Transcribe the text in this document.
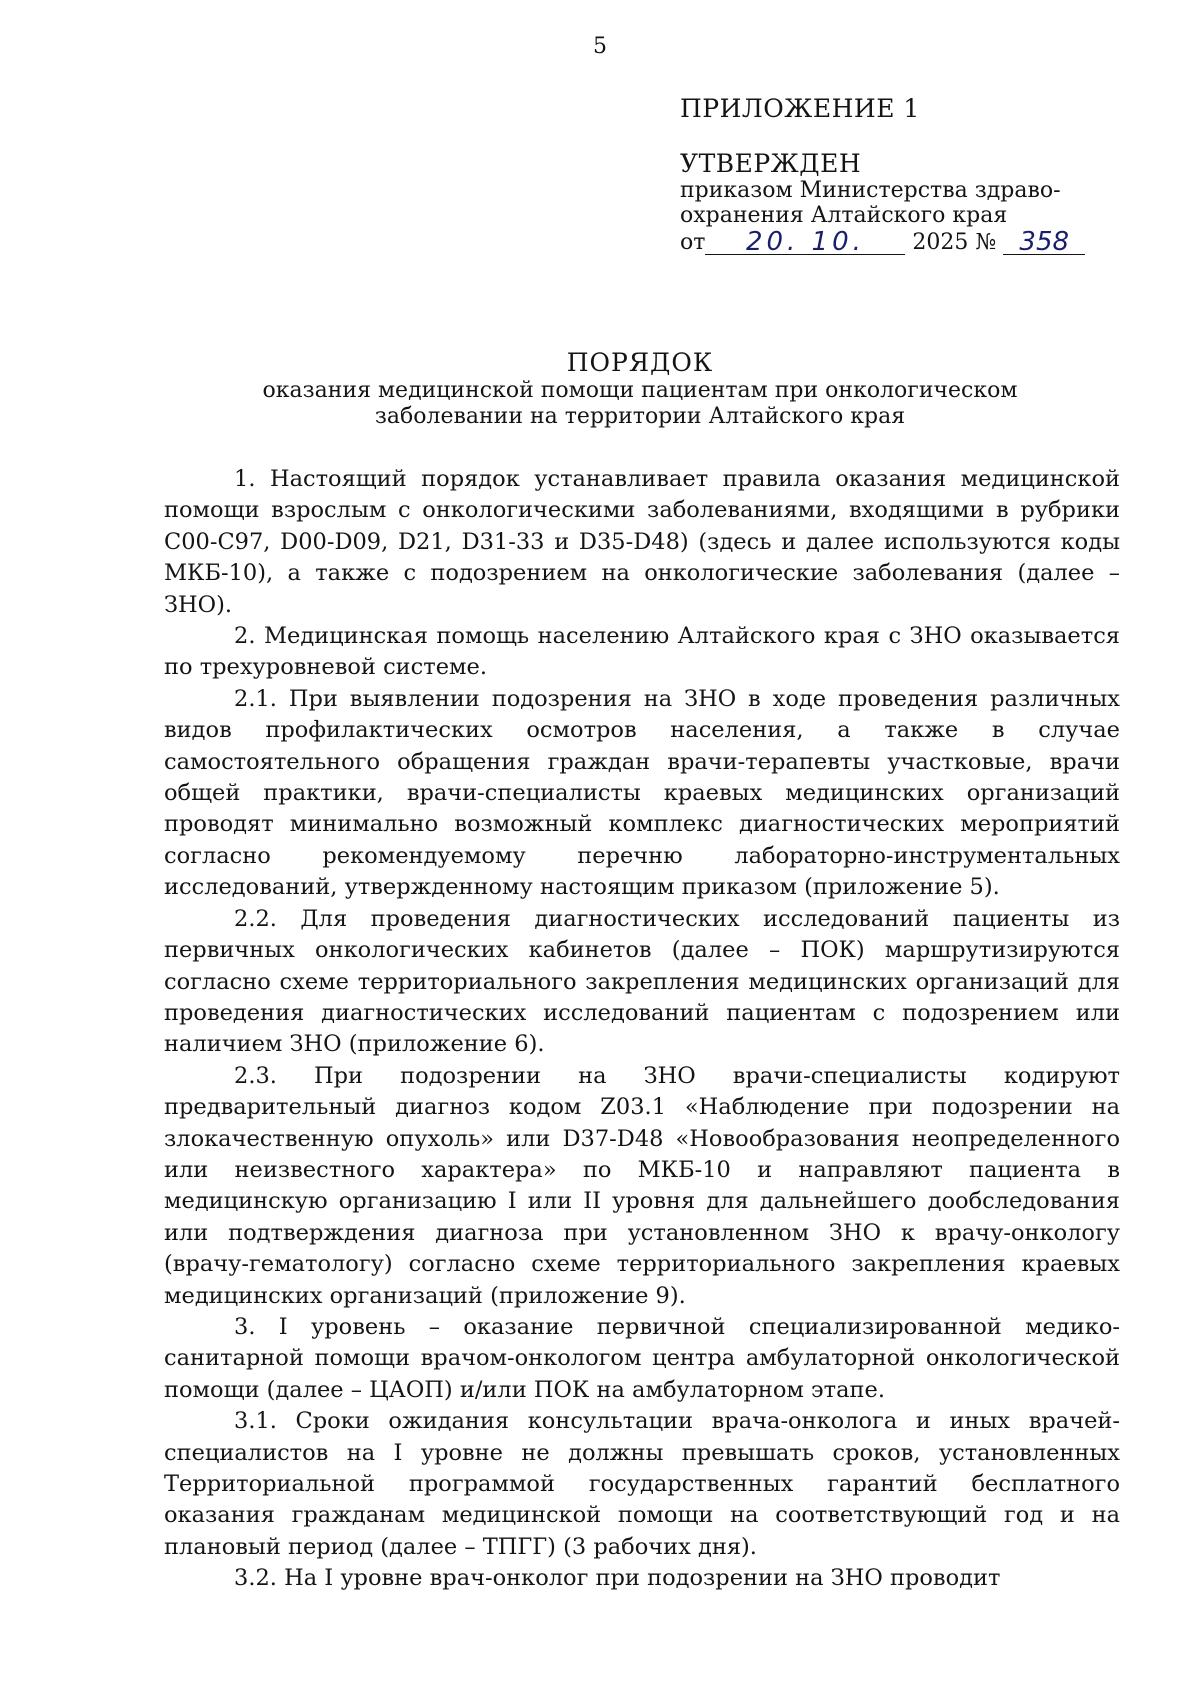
5
ПРИЛОЖЕНИЕ 1
УТВЕРЖДЕН
приказом Министерства здраво-
охранения Алтайского края
от 20. 10. 2025 № 358
ПОРЯДОК
оказания медицинской помощи пациентам при онкологическом
заболевании на территории Алтайского края

1. Настоящий порядок устанавливает правила оказания медицинской помощи взрослым с онкологическими заболеваниями, входящими в рубрики С00-С97, D00-D09, D21, D31-33 и D35-D48) (здесь и далее используются коды МКБ-10), а также с подозрением на онкологические заболевания (далее – ЗНО).

2. Медицинская помощь населению Алтайского края с ЗНО оказывается по трехуровневой системе.

2.1. При выявлении подозрения на ЗНО в ходе проведения различных видов профилактических осмотров населения, а также в случае самостоятельного обращения граждан врачи-терапевты участковые, врачи общей практики, врачи-специалисты краевых медицинских организаций проводят минимально возможный комплекс диагностических мероприятий согласно рекомендуемому перечню лабораторно-инструментальных исследований, утвержденному настоящим приказом (приложение 5).

2.2. Для проведения диагностических исследований пациенты из первичных онкологических кабинетов (далее – ПОК) маршрутизируются согласно схеме территориального закрепления медицинских организаций для проведения диагностических исследований пациентам с подозрением или наличием ЗНО (приложение 6).

2.3. При подозрении на ЗНО врачи-специалисты кодируют предварительный диагноз кодом Z03.1 «Наблюдение при подозрении на злокачественную опухоль» или D37-D48 «Новообразования неопределенного или неизвестного характера» по МКБ-10 и направляют пациента в медицинскую организацию I или II уровня для дальнейшего дообследования или подтверждения диагноза при установленном ЗНО к врачу-онкологу (врачу-гематологу) согласно схеме территориального закрепления краевых медицинских организаций (приложение 9).

3. I уровень – оказание первичной специализированной медико-санитарной помощи врачом-онкологом центра амбулаторной онкологической помощи (далее – ЦАОП) и/или ПОК на амбулаторном этапе.

3.1. Сроки ожидания консультации врача-онколога и иных врачей-специалистов на I уровне не должны превышать сроков, установленных Территориальной программой государственных гарантий бесплатного оказания гражданам медицинской помощи на соответствующий год и на плановый период (далее – ТПГГ) (3 рабочих дня).

3.2. На I уровне врач-онколог при подозрении на ЗНО проводит
